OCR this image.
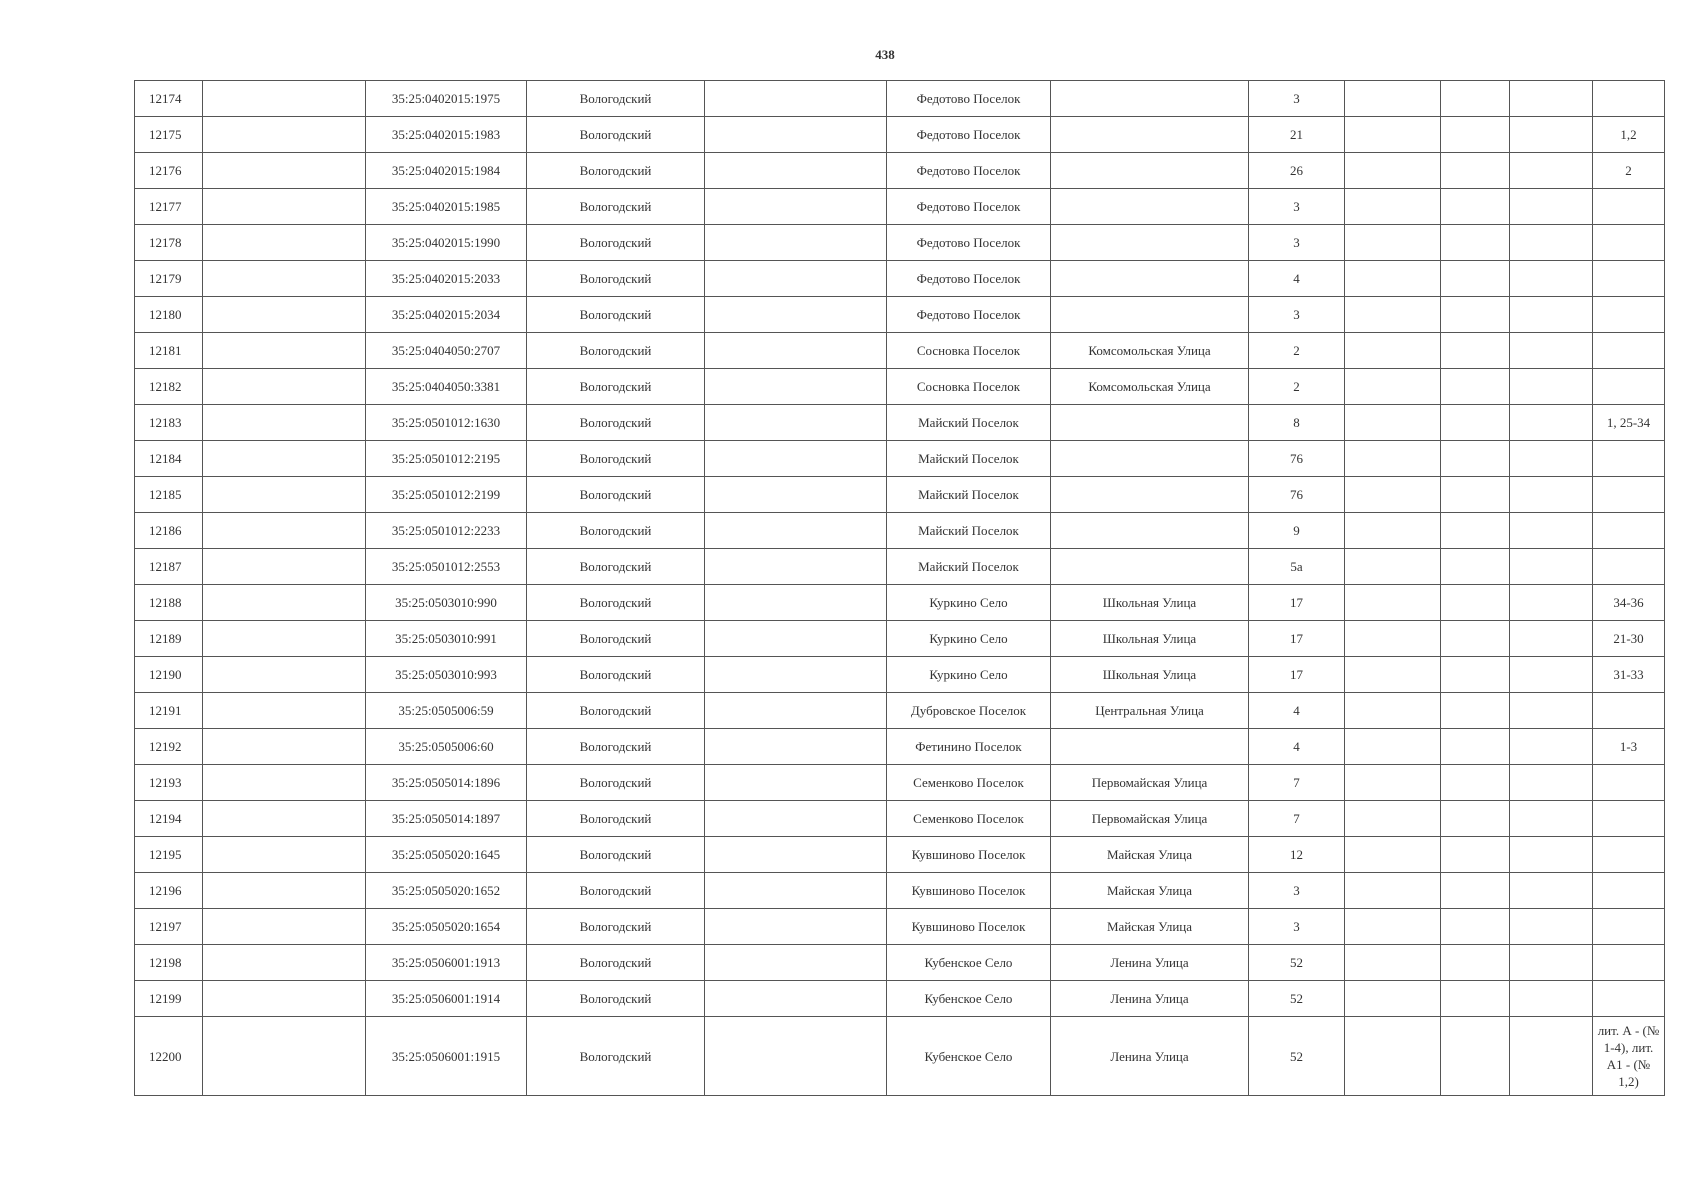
438
12174		35:25:0402015:1975	Вологодский		Федотово Поселок		3				
12175		35:25:0402015:1983	Вологодский		Федотово Поселок		21				1,2
12176		35:25:0402015:1984	Вологодский		Федотово Поселок		26				2
12177		35:25:0402015:1985	Вологодский		Федотово Поселок		3				
12178		35:25:0402015:1990	Вологодский		Федотово Поселок		3				
12179		35:25:0402015:2033	Вологодский		Федотово Поселок		4				
12180		35:25:0402015:2034	Вологодский		Федотово Поселок		3				
12181		35:25:0404050:2707	Вологодский		Сосновка Поселок	Комсомольская Улица	2				
12182		35:25:0404050:3381	Вологодский		Сосновка Поселок	Комсомольская Улица	2				
12183		35:25:0501012:1630	Вологодский		Майский Поселок		8				1, 25-34
12184		35:25:0501012:2195	Вологодский		Майский Поселок		76				
12185		35:25:0501012:2199	Вологодский		Майский Поселок		76				
12186		35:25:0501012:2233	Вологодский		Майский Поселок		9				
12187		35:25:0501012:2553	Вологодский		Майский Поселок		5а				
12188		35:25:0503010:990	Вологодский		Куркино Село	Школьная Улица	17				34-36
12189		35:25:0503010:991	Вологодский		Куркино Село	Школьная Улица	17				21-30
12190		35:25:0503010:993	Вологодский		Куркино Село	Школьная Улица	17				31-33
12191		35:25:0505006:59	Вологодский		Дубровское Поселок	Центральная Улица	4				
12192		35:25:0505006:60	Вологодский		Фетинино Поселок		4				1-3
12193		35:25:0505014:1896	Вологодский		Семенково Поселок	Первомайская Улица	7				
12194		35:25:0505014:1897	Вологодский		Семенково Поселок	Первомайская Улица	7				
12195		35:25:0505020:1645	Вологодский		Кувшиново Поселок	Майская Улица	12				
12196		35:25:0505020:1652	Вологодский		Кувшиново Поселок	Майская Улица	3				
12197		35:25:0505020:1654	Вологодский		Кувшиново Поселок	Майская Улица	3				
12198		35:25:0506001:1913	Вологодский		Кубенское Село	Ленина Улица	52				
12199		35:25:0506001:1914	Вологодский		Кубенское Село	Ленина Улица	52				
12200		35:25:0506001:1915	Вологодский		Кубенское Село	Ленина Улица	52				лит. А - (№ 1-4), лит. А1 - (№ 1,2)
